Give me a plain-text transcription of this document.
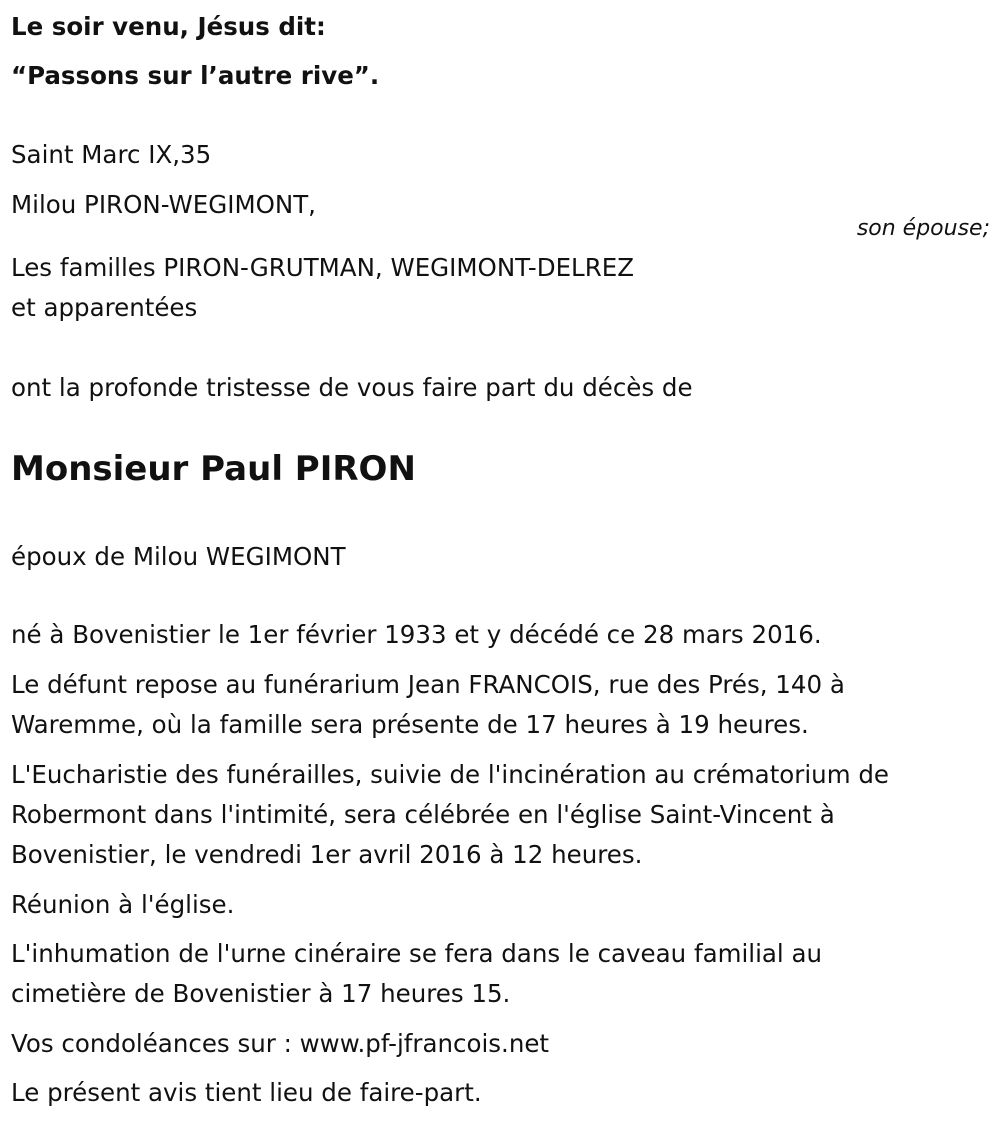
Le soir venu, Jésus dit:
“Passons sur l’autre rive”.
Saint Marc IX,35
Milou PIRON-WEGIMONT,
son épouse;
Les familles PIRON-GRUTMAN, WEGIMONT-DELREZ
et apparentées
ont la profonde tristesse de vous faire part du décès de
Monsieur Paul PIRON
époux de Milou WEGIMONT
né à Bovenistier le 1er février 1933 et y décédé ce 28 mars 2016.
Le défunt repose au funérarium Jean FRANCOIS, rue des Prés, 140 à
Waremme, où la famille sera présente de 17 heures à 19 heures.
L'Eucharistie des funérailles, suivie de l'incinération au crématorium de
Robermont dans l'intimité, sera célébrée en l'église Saint-Vincent à
Bovenistier, le vendredi 1er avril 2016 à 12 heures.
Réunion à l'église.
L'inhumation de l'urne cinéraire se fera dans le caveau familial au
cimetière de Bovenistier à 17 heures 15.
Vos condoléances sur : www.pf-jfrancois.net
Le présent avis tient lieu de faire-part.
